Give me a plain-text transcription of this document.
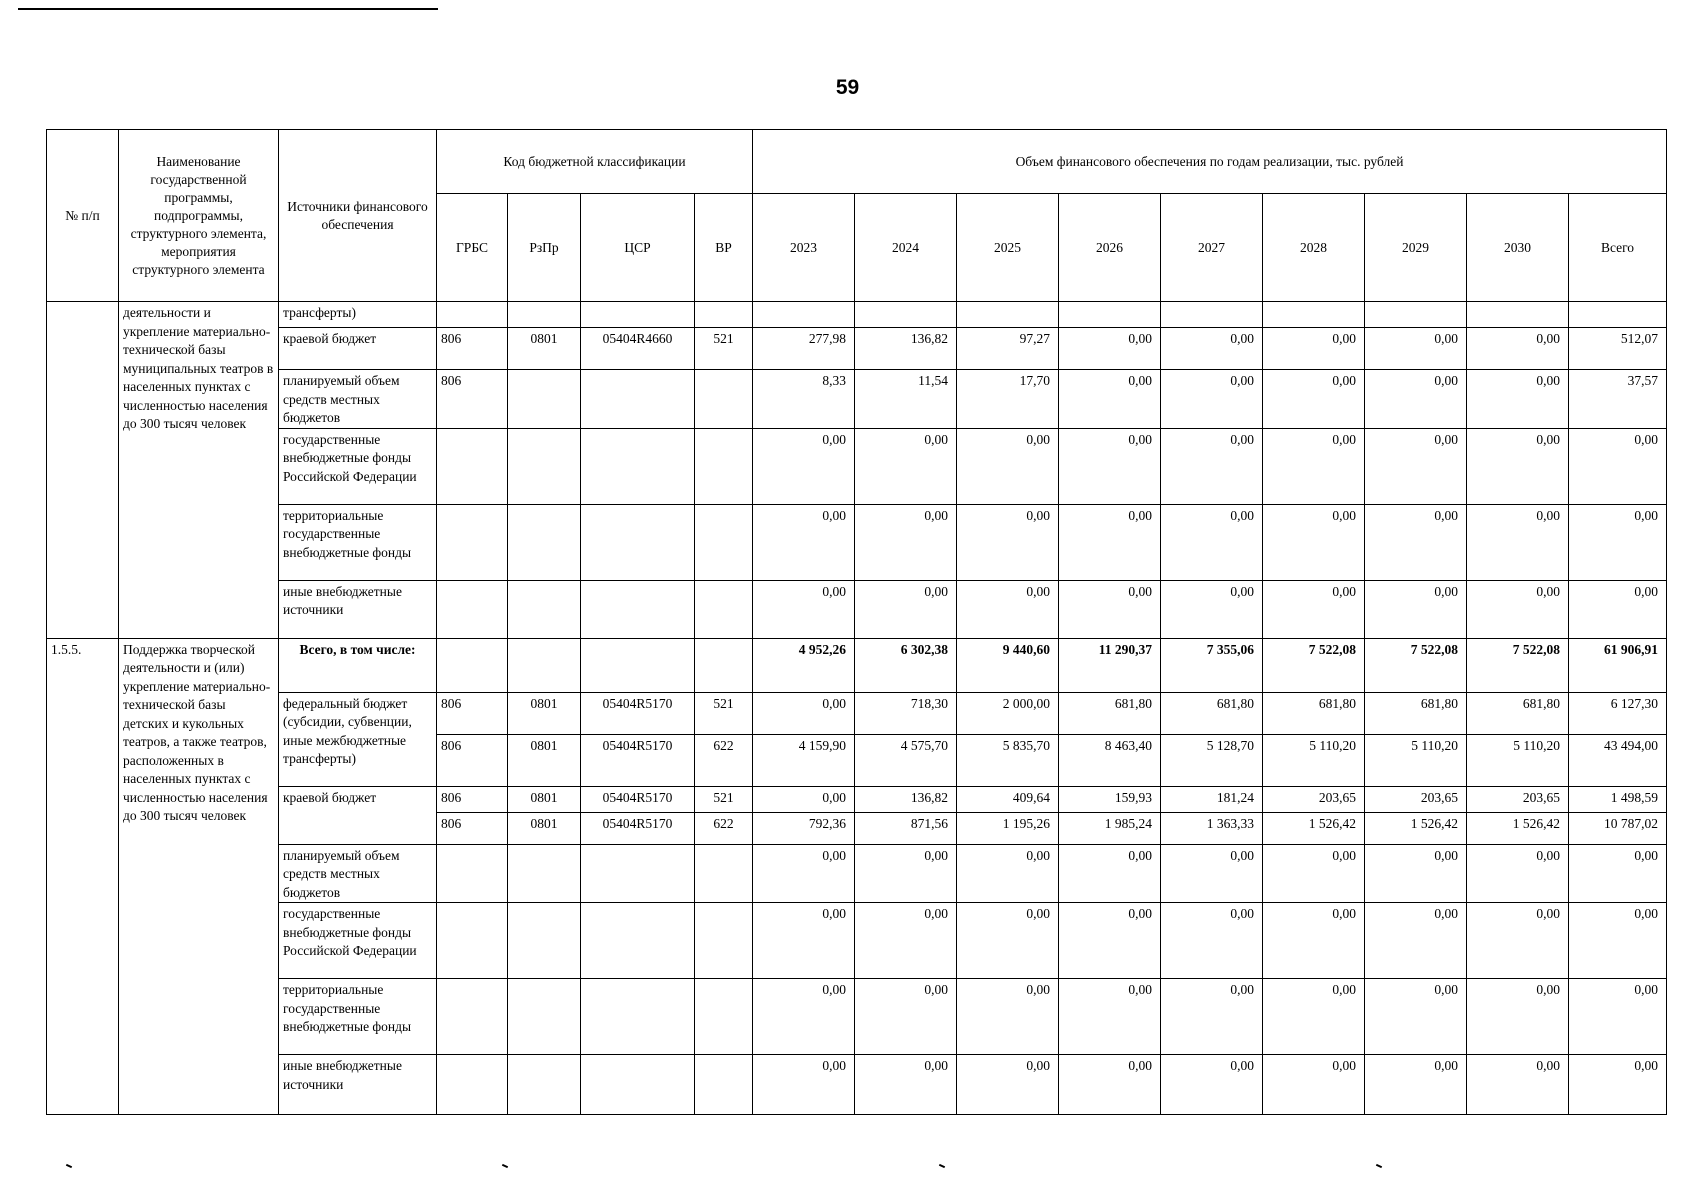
59
№ п/п	Наименование государственной программы, подпрограммы, структурного элемента, мероприятия структурного элемента	Источники финансового обеспечения	Код бюджетной классификации				Объем финансового обеспечения по годам реализации, тыс. рублей								
			ГРБС	РзПр	ЦСР	ВР	2023	2024	2025	2026	2027	2028	2029	2030	Всего
	деятельности и укрепление материально-технической базы муниципальных театров в населенных пунктах с численностью населения до 300 тысяч человек	трансферты)													
		краевой бюджет	806	0801	05404R4660	521	277,98	136,82	97,27	0,00	0,00	0,00	0,00	0,00	512,07
		планируемый объем средств местных бюджетов	806				8,33	11,54	17,70	0,00	0,00	0,00	0,00	0,00	37,57
		государственные внебюджетные фонды Российской Федерации					0,00	0,00	0,00	0,00	0,00	0,00	0,00	0,00	0,00
		территориальные государственные внебюджетные фонды					0,00	0,00	0,00	0,00	0,00	0,00	0,00	0,00	0,00
		иные внебюджетные источники					0,00	0,00	0,00	0,00	0,00	0,00	0,00	0,00	0,00
1.5.5.	Поддержка творческой деятельности и (или) укрепление материально-технической базы детских и кукольных театров, а также театров, расположенных в населенных пунктах с численностью населения до 300 тысяч человек	Всего, в том числе:					4 952,26	6 302,38	9 440,60	11 290,37	7 355,06	7 522,08	7 522,08	7 522,08	61 906,91
		федеральный бюджет (субсидии, субвенции, иные межбюджетные трансферты)	806	0801	05404R5170	521	0,00	718,30	2 000,00	681,80	681,80	681,80	681,80	681,80	6 127,30
			806	0801	05404R5170	622	4 159,90	4 575,70	5 835,70	8 463,40	5 128,70	5 110,20	5 110,20	5 110,20	43 494,00
		краевой бюджет	806	0801	05404R5170	521	0,00	136,82	409,64	159,93	181,24	203,65	203,65	203,65	1 498,59
			806	0801	05404R5170	622	792,36	871,56	1 195,26	1 985,24	1 363,33	1 526,42	1 526,42	1 526,42	10 787,02
		планируемый объем средств местных бюджетов					0,00	0,00	0,00	0,00	0,00	0,00	0,00	0,00	0,00
		государственные внебюджетные фонды Российской Федерации					0,00	0,00	0,00	0,00	0,00	0,00	0,00	0,00	0,00
		территориальные государственные внебюджетные фонды					0,00	0,00	0,00	0,00	0,00	0,00	0,00	0,00	0,00
		иные внебюджетные источники					0,00	0,00	0,00	0,00	0,00	0,00	0,00	0,00	0,00
